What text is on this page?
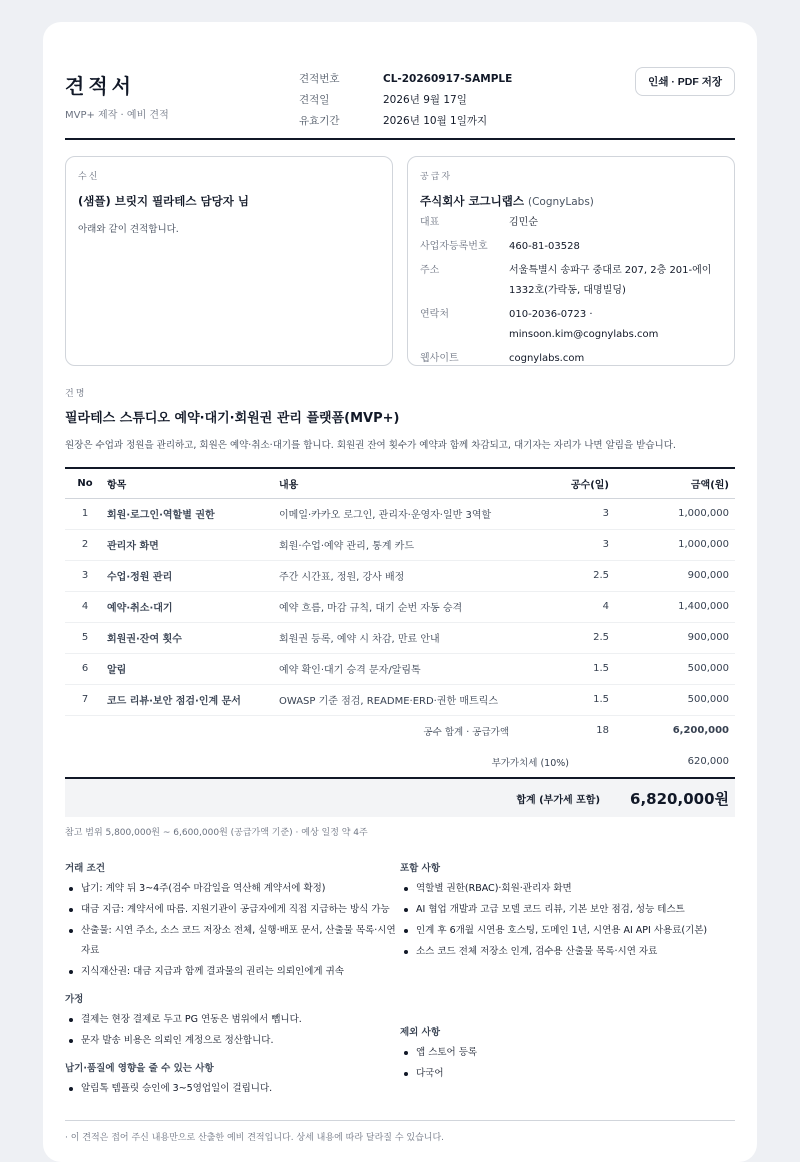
견적서
MVP+ 제작 · 예비 견적
견적번호	CL-20260917-SAMPLE
견적일	2026년 9월 17일
유효기간	2026년 10월 1일까지
인쇄 · PDF 저장
수신
(샘플) 브릿지 필라테스 담당자 님
아래와 같이 견적합니다.
공급자
주식회사 코그니랩스 (CognyLabs)
대표	김민순
사업자등록번호	460-81-03528
주소	서울특별시 송파구 중대로 207, 2층 201-에이1332호(가락동, 대명빌딩)
연락처	010-2036-0723 · minsoon.kim@cognylabs.com
웹사이트	cognylabs.com
건명
필라테스 스튜디오 예약·대기·회원권 관리 플랫폼(MVP+)
원장은 수업과 정원을 관리하고, 회원은 예약·취소·대기를 합니다. 회원권 잔여 횟수가 예약과 함께 차감되고, 대기자는 자리가 나면 알림을 받습니다.
No	항목	내용	공수(일)	금액(원)
1	회원·로그인·역할별 권한	이메일·카카오 로그인, 관리자·운영자·일반 3역할	3	1,000,000
2	관리자 화면	회원·수업·예약 관리, 통계 카드	3	1,000,000
3	수업·정원 관리	주간 시간표, 정원, 강사 배정	2.5	900,000
4	예약·취소·대기	예약 흐름, 마감 규칙, 대기 순번 자동 승격	4	1,400,000
5	회원권·잔여 횟수	회원권 등록, 예약 시 차감, 만료 안내	2.5	900,000
6	알림	예약 확인·대기 승격 문자/알림톡	1.5	500,000
7	코드 리뷰·보안 점검·인계 문서	OWASP 기준 점검, README·ERD·권한 매트릭스	1.5	500,000
공수 합계 · 공급가액			18	6,200,000
부가가치세 (10%)				620,000
합계 (부가세 포함) 6,820,000원
참고 범위 5,800,000원 ~ 6,600,000원 (공급가액 기준) · 예상 일정 약 4주
거래 조건
납기: 계약 뒤 3~4주(검수 마감일을 역산해 계약서에 확정)
대금 지급: 계약서에 따름. 지원기관이 공급자에게 직접 지급하는 방식 가능
산출물: 시연 주소, 소스 코드 저장소 전체, 실행·배포 문서, 산출물 목록·시연 자료
지식재산권: 대금 지급과 함께 결과물의 권리는 의뢰인에게 귀속
가정
결제는 현장 결제로 두고 PG 연동은 범위에서 뺍니다.
문자 발송 비용은 의뢰인 계정으로 정산합니다.
납기·품질에 영향을 줄 수 있는 사항
알림톡 템플릿 승인에 3~5영업일이 걸립니다.
포함 사항
역할별 권한(RBAC)·회원·관리자 화면
AI 협업 개발과 고급 모델 코드 리뷰, 기본 보안 점검, 성능 테스트
인계 후 6개월 시연용 호스팅, 도메인 1년, 시연용 AI API 사용료(기본)
소스 코드 전체 저장소 인계, 검수용 산출물 목록·시연 자료
제외 사항
앱 스토어 등록
다국어
· 이 견적은 접어 주신 내용만으로 산출한 예비 견적입니다. 상세 내용에 따라 달라질 수 있습니다.
